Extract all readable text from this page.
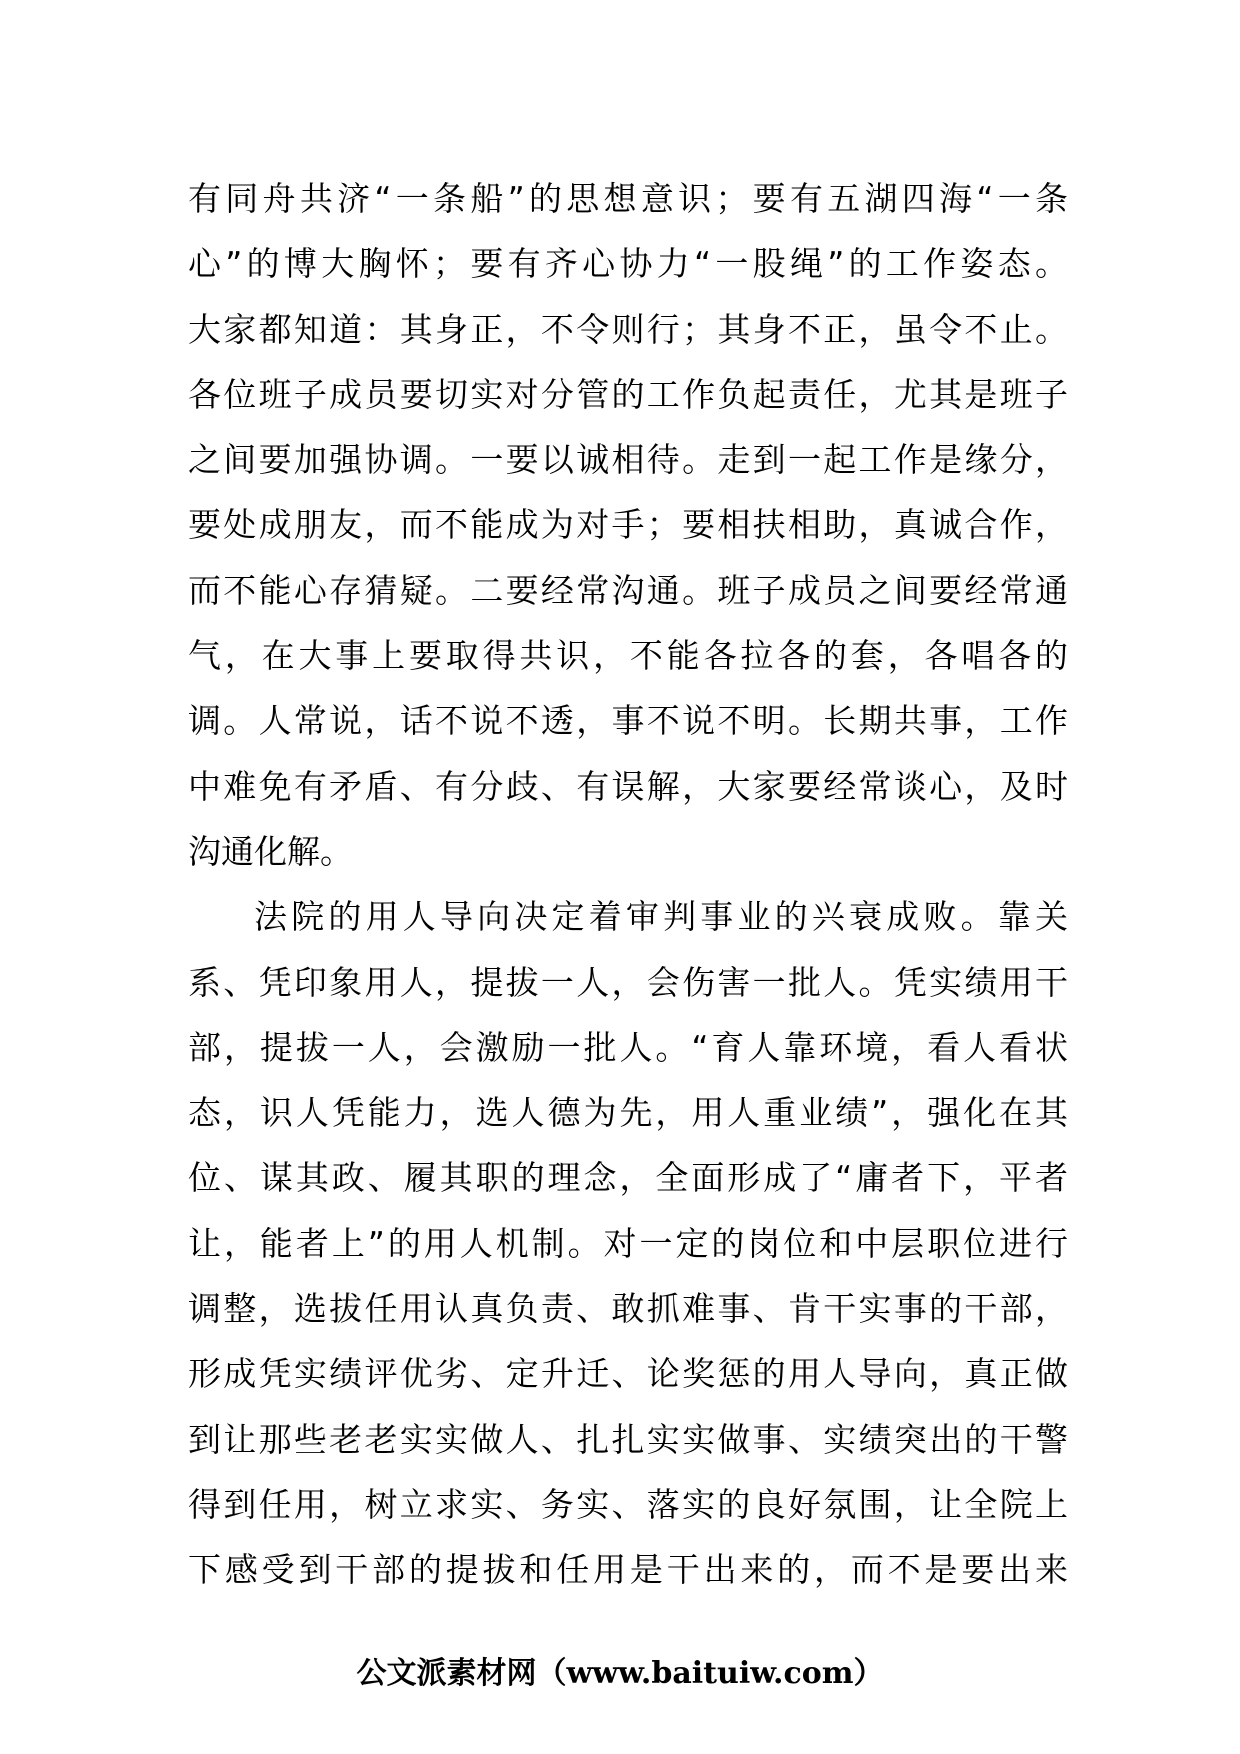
有同舟共济“一条船”的思想意识；要有五湖四海“一条
心”的博大胸怀；要有齐心协力“一股绳”的工作姿态。
大家都知道：其身正，不令则行；其身不正，虽令不止。
各位班子成员要切实对分管的工作负起责任，尤其是班子
之间要加强协调。一要以诚相待。走到一起工作是缘分，
要处成朋友，而不能成为对手；要相扶相助，真诚合作，
而不能心存猜疑。二要经常沟通。班子成员之间要经常通
气，在大事上要取得共识，不能各拉各的套，各唱各的
调。人常说，话不说不透，事不说不明。长期共事，工作
中难免有矛盾、有分歧、有误解，大家要经常谈心，及时
沟通化解。
法院的用人导向决定着审判事业的兴衰成败。靠关
系、凭印象用人，提拔一人，会伤害一批人。凭实绩用干
部，提拔一人，会激励一批人。“育人靠环境，看人看状
态，识人凭能力，选人德为先，用人重业绩”，强化在其
位、谋其政、履其职的理念，全面形成了“庸者下，平者
让，能者上”的用人机制。对一定的岗位和中层职位进行
调整，选拔任用认真负责、敢抓难事、肯干实事的干部，
形成凭实绩评优劣、定升迁、论奖惩的用人导向，真正做
到让那些老老实实做人、扎扎实实做事、实绩突出的干警
得到任用，树立求实、务实、落实的良好氛围，让全院上
下感受到干部的提拔和任用是干出来的，而不是要出来
公文派素材网（www.baituiw.com）
